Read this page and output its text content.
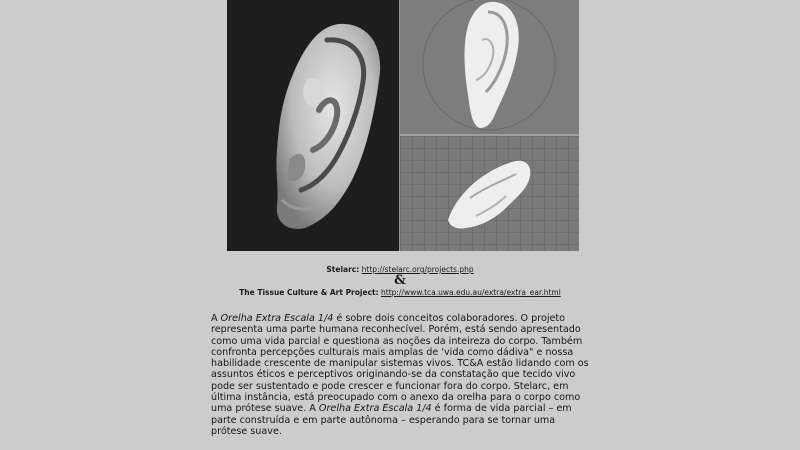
Stelarc: http://stelarc.org/projects.php
&
The Tissue Culture & Art Project: http://www.tca.uwa.edu.au/extra/extra_ear.html
A Orelha Extra Escala 1/4 é sobre dois conceitos colaboradores. O projeto representa uma parte humana reconhecível. Porém, está sendo apresentado como uma vida parcial e questiona as noções da inteireza do corpo. Também confronta percepções culturais mais amplas de 'vida como dádiva" e nossa habilidade crescente de manipular sistemas vivos. TC&A estão lidando com os assuntos éticos e perceptivos originando-se da constatação que tecido vivo pode ser sustentado e pode crescer e funcionar fora do corpo. Stelarc, em última instância, está preocupado com o anexo da orelha para o corpo como uma prótese suave. A Orelha Extra Escala 1/4 é forma de vida parcial – em parte construída e em parte autônoma – esperando para se tornar uma prótese suave.
